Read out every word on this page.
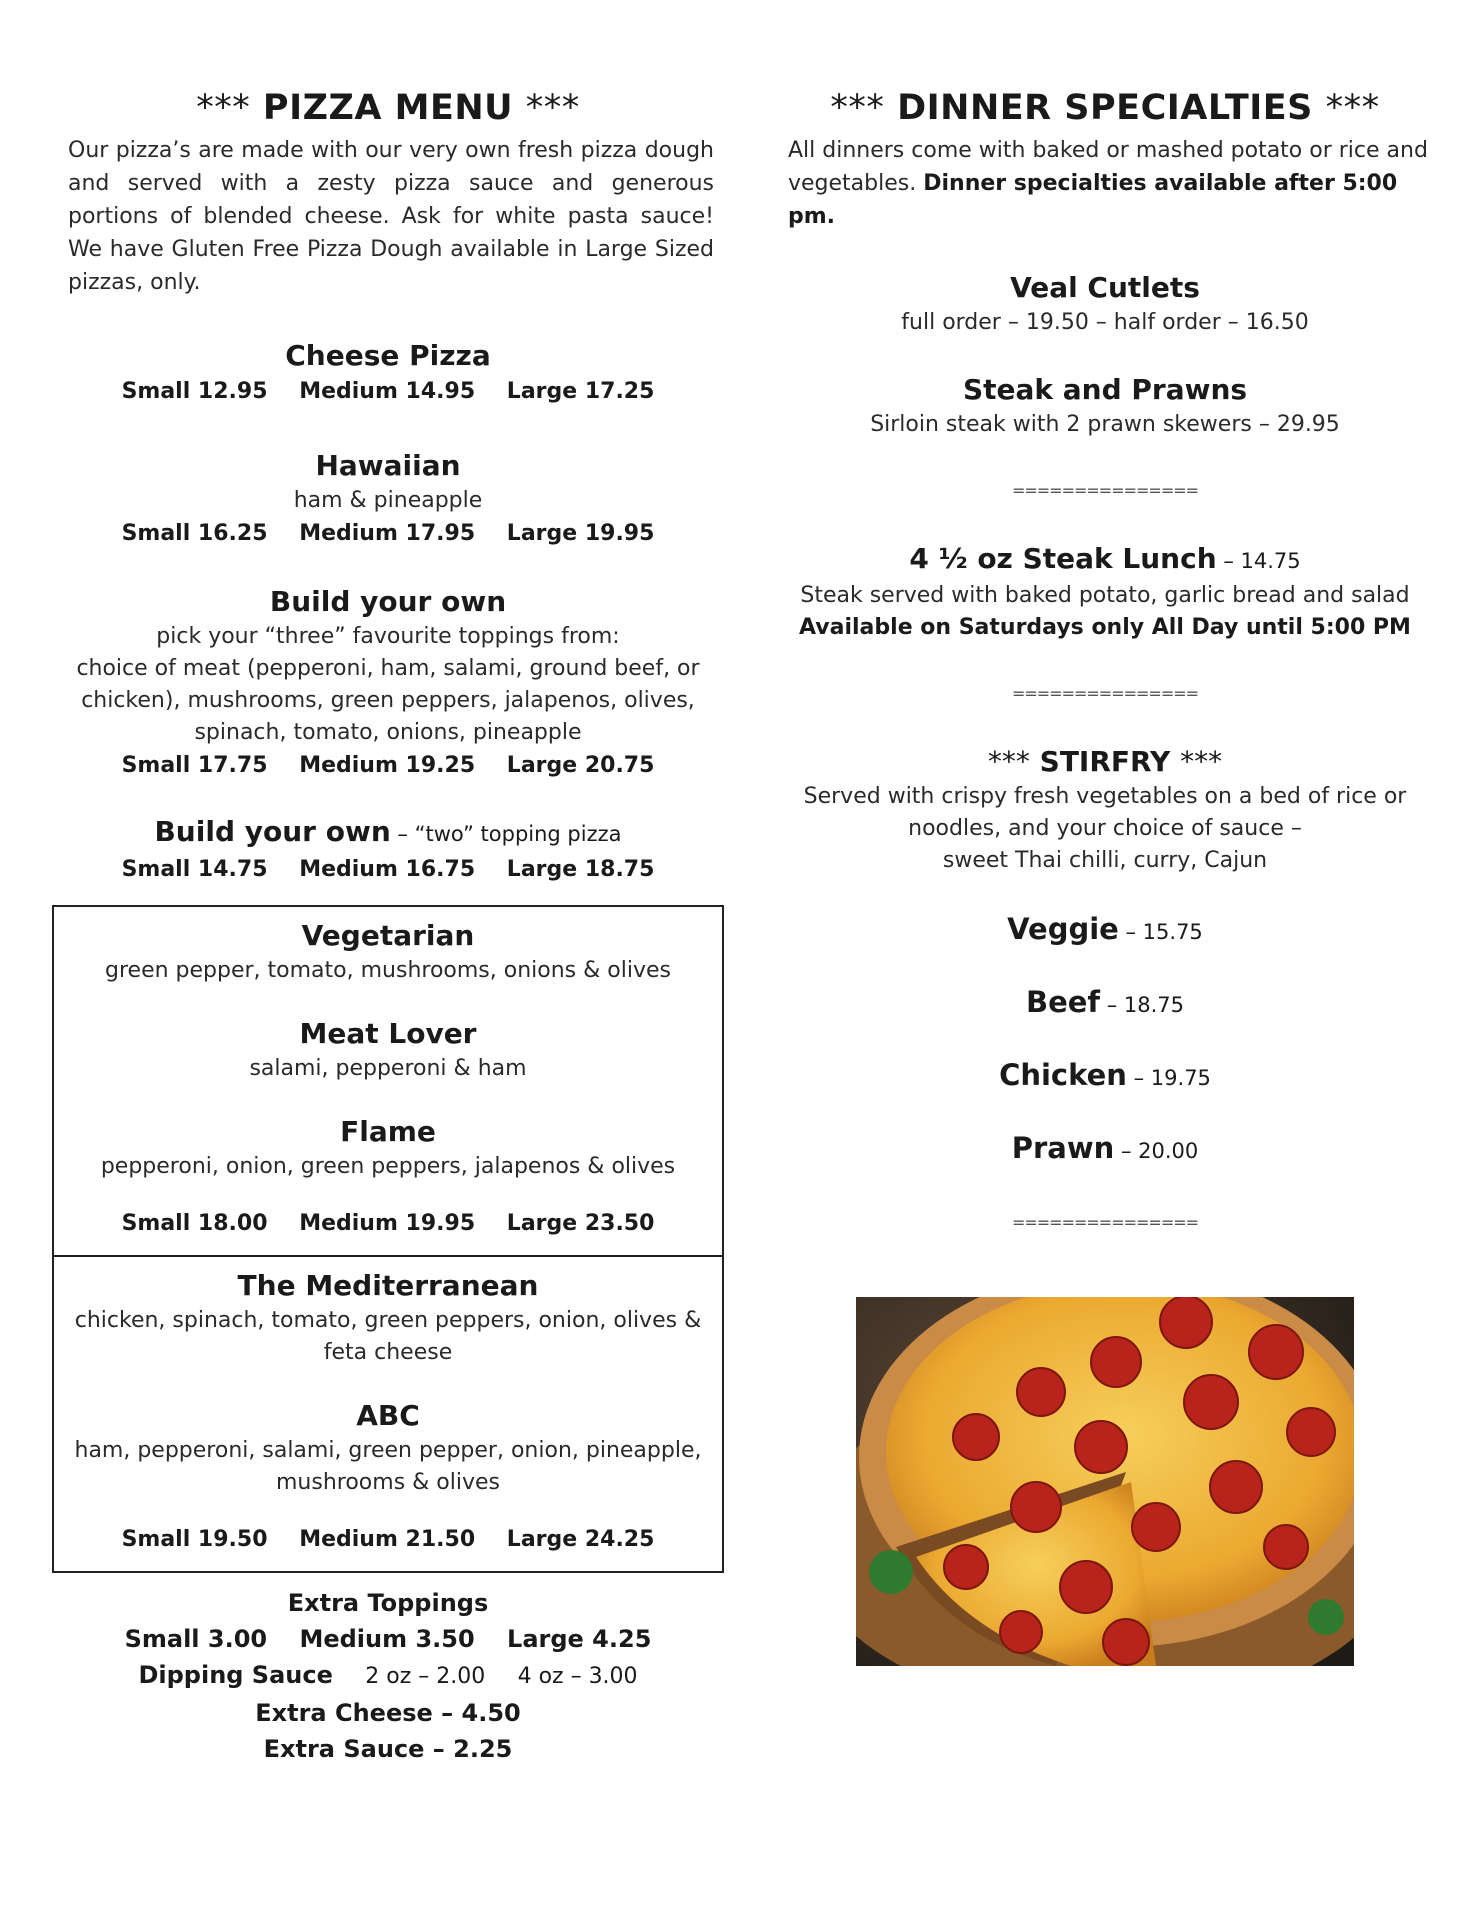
*** PIZZA MENU ***

Our pizza’s are made with our very own fresh pizza dough and served with a zesty pizza sauce and generous portions of blended cheese. Ask for white pasta sauce! We have Gluten Free Pizza Dough available in Large Sized pizzas, only.

Cheese Pizza
Small 12.95 Medium 14.95 Large 17.25
Hawaiian
ham & pineapple
Small 16.25 Medium 17.95 Large 19.95
Build your own
pick your “three” favourite toppings from:
choice of meat (pepperoni, ham, salami, ground beef, or chicken), mushrooms, green peppers, jalapenos, olives, spinach, tomato, onions, pineapple
Small 17.75 Medium 19.25 Large 20.75
Build your own – “two” topping pizza
Small 14.75 Medium 16.75 Large 18.75
Vegetarian
green pepper, tomato, mushrooms, onions & olives
Meat Lover
salami, pepperoni & ham
Flame
pepperoni, onion, green peppers, jalapenos & olives
Small 18.00 Medium 19.95 Large 23.50
The Mediterranean
chicken, spinach, tomato, green peppers, onion, olives & feta cheese
ABC
ham, pepperoni, salami, green pepper, onion, pineapple, mushrooms & olives
Small 19.50 Medium 21.50 Large 24.25
Extra Toppings
Small 3.00 Medium 3.50 Large 4.25
Dipping Sauce 2 oz – 2.00 4 oz – 3.00
Extra Cheese – 4.50
Extra Sauce – 2.25
*** DINNER SPECIALTIES ***

All dinners come with baked or mashed potato or rice and vegetables. Dinner specialties available after 5:00 pm.

Veal Cutlets
full order – 19.50 – half order – 16.50
Steak and Prawns
Sirloin steak with 2 prawn skewers – 29.95
===============
4 ½ oz Steak Lunch – 14.75
Steak served with baked potato, garlic bread and salad
Available on Saturdays only All Day until 5:00 PM
===============
*** STIRFRY ***
Served with crispy fresh vegetables on a bed of rice or noodles, and your choice of sauce –
sweet Thai chilli, curry, Cajun
Veggie – 15.75
Beef – 18.75
Chicken – 19.75
Prawn – 20.00
===============
